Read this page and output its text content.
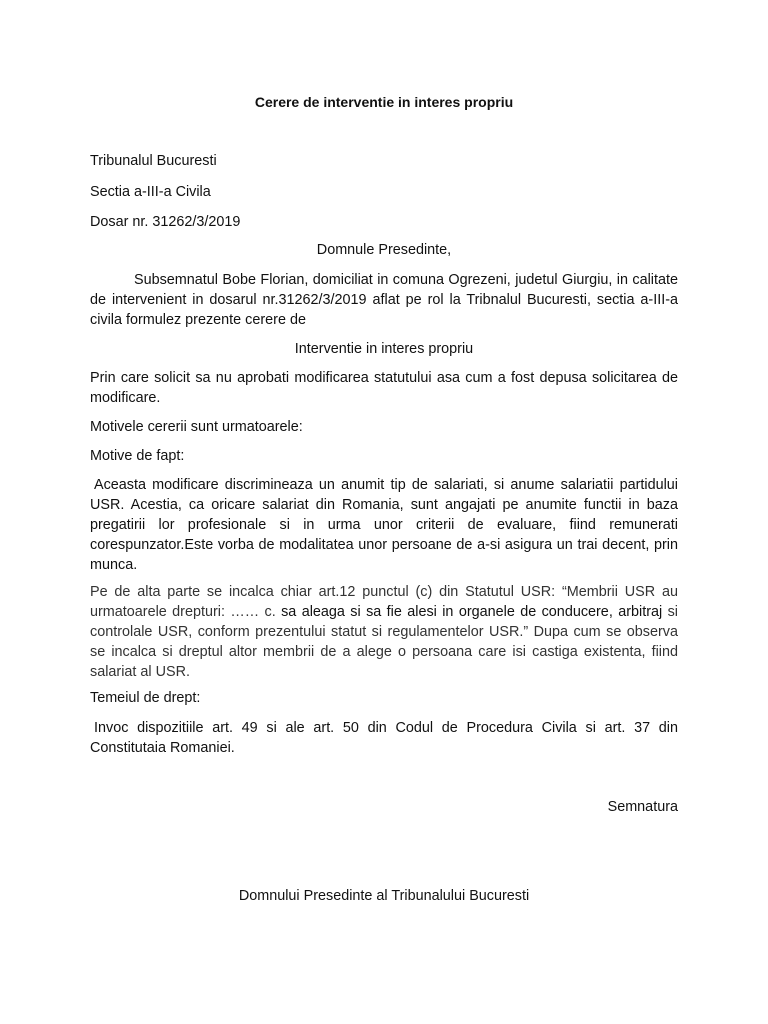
Cerere de interventie in interes propriu

Tribunalul Bucuresti

Sectia a-III-a Civila

Dosar nr. 31262/3/2019

Domnule Presedinte,

Subsemnatul Bobe Florian, domiciliat in comuna Ogrezeni, judetul Giurgiu, in calitate de intervenient in dosarul nr.31262/3/2019 aflat pe rol la Tribnalul Bucuresti, sectia a-III-a civila formulez prezente cerere de

Interventie in interes propriu

Prin care solicit sa nu aprobati modificarea statutului asa cum a fost depusa solicitarea de modificare.

Motivele cererii sunt urmatoarele:

Motive de fapt:

Aceasta modificare discrimineaza un anumit tip de salariati, si anume salariatii partidului USR. Acestia, ca oricare salariat din Romania, sunt angajati pe anumite functii in baza pregatirii lor profesionale si in urma unor criterii de evaluare, fiind remunerati corespunzator.Este vorba de modalitatea unor persoane de a-si asigura un trai decent, prin munca.

Pe de alta parte se incalca chiar art.12 punctul (c) din Statutul USR: “Membrii USR au urmatoarele drepturi: …… c. sa aleaga si sa fie alesi in organele de conducere, arbitraj si controlale USR, conform prezentului statut si regulamentelor USR.” Dupa cum se observa se incalca si dreptul altor membrii de a alege o persoana care isi castiga existenta, fiind salariat al USR.

Temeiul de drept:

Invoc dispozitiile art. 49 si ale art. 50 din Codul de Procedura Civila si art. 37 din Constitutaia Romaniei.

Semnatura

Domnului Presedinte al Tribunalului Bucuresti
